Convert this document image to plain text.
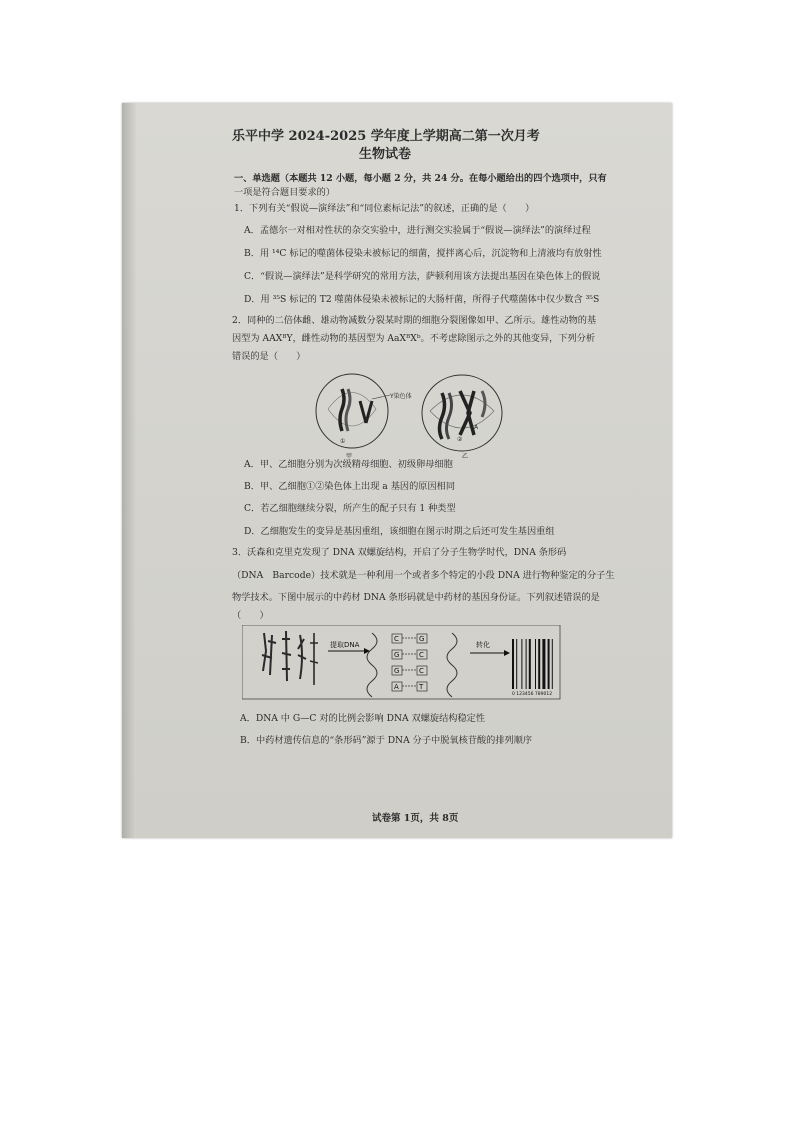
乐平中学 2024-2025 学年度上学期高二第一次月考
生物试卷
一、单选题（本题共 12 小题，每小题 2 分，共 24 分。在每小题给出的四个选项中，只有
一项是符合题目要求的）
1．下列有关“假说—演绎法”和“同位素标记法”的叙述，正确的是（　　）
A．孟德尔一对相对性状的杂交实验中，进行测交实验属于“假说—演绎法”的演绎过程
B．用 ¹⁴C 标记的噬菌体侵染未被标记的细菌，搅拌离心后，沉淀物和上清液均有放射性
C．“假说—演绎法”是科学研究的常用方法，萨顿利用该方法提出基因在染色体上的假说
D．用 ³⁵S 标记的 T2 噬菌体侵染未被标记的大肠杆菌，所得子代噬菌体中仅少数含 ³⁵S
2．同种的二倍体雌、雄动物减数分裂某时期的细胞分裂图像如甲、乙所示。雄性动物的基
因型为 AAXᴮY，雌性动物的基因型为 AaXᴮXᵇ。不考虑除图示之外的其他变异，下列分析
错误的是（　　）
Y染色体
①
甲
A
②
乙
A．甲、乙细胞分别为次级精母细胞、初级卵母细胞
B．甲、乙细胞①②染色体上出现 a 基因的原因相同
C．若乙细胞继续分裂，所产生的配子只有 1 种类型
D．乙细胞发生的变异是基因重组，该细胞在图示时期之后还可发生基因重组
3．沃森和克里克发现了 DNA 双螺旋结构，开启了分子生物学时代，DNA 条形码
（DNA　Barcode）技术就是一种利用一个或者多个特定的小段 DNA 进行物种鉴定的分子生
物学技术。下图中展示的中药材 DNA 条形码就是中药材的基因身份证。下列叙述错误的是
（　　）
提取DNA
C	G
G	C
G	C
A	T
转化
0 123456 789012
A．DNA 中 G—C 对的比例会影响 DNA 双螺旋结构稳定性
B．中药材遗传信息的“条形码”源于 DNA 分子中脱氧核苷酸的排列顺序
试卷第 1页，共 8页
